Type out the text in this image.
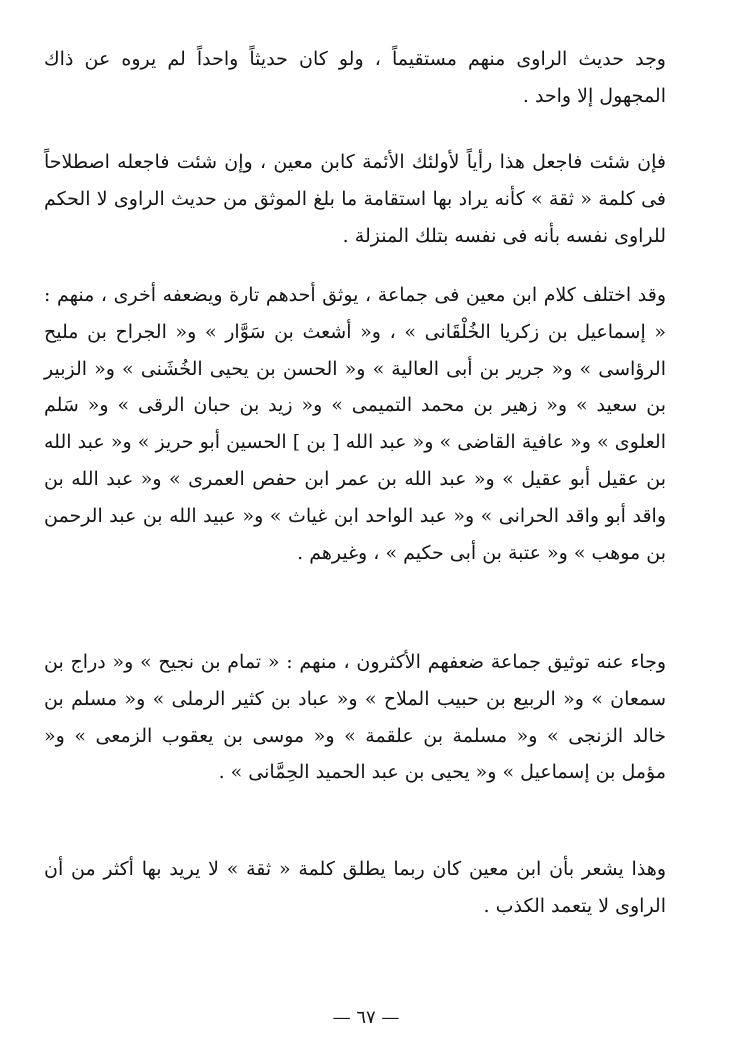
وجد حديث الراوى منهم مستقيماً ، ولو كان حديثاً واحداً لم يروه عن ذاك المجهول إلا واحد .

فإن شئت فاجعل هذا رأياً لأولئك الأئمة كابن معين ، وإن شئت فاجعله اصطلاحاً فى كلمة « ثقة » كأنه يراد بها استقامة ما بلغ الموثق من حديث الراوى لا الحكم للراوى نفسه بأنه فى نفسه بتلك المنزلة .

وقد اختلف كلام ابن معين فى جماعة ، يوثق أحدهم تارة ويضعفه أخرى ، منهم : « إسماعيل بن زكريا الخُلْقَانى » ، و« أشعث بن سَوَّار » و« الجراح بن مليح الرؤاسى » و« جرير بن أبى العالية » و« الحسن بن يحيى الخُشَنى » و« الزبير بن سعيد » و« زهير بن محمد التميمى » و« زيد بن حبان الرقى » و« سَلم العلوى » و« عافية القاضى » و« عبد الله [ بن ] الحسين أبو حريز » و« عبد الله بن عقيل أبو عقيل » و« عبد الله بن عمر ابن حفص العمرى » و« عبد الله بن واقد أبو واقد الحرانى » و« عبد الواحد ابن غياث » و« عبيد الله بن عبد الرحمن بن موهب » و« عتبة بن أبى حكيم » ، وغيرهم .

وجاء عنه توثيق جماعة ضعفهم الأكثرون ، منهم : « تمام بن نجيح » و« دراج بن سمعان » و« الربيع بن حبيب الملاح » و« عباد بن كثير الرملى » و« مسلم بن خالد الزنجى » و« مسلمة بن علقمة » و« موسى بن يعقوب الزمعى » و« مؤمل بن إسماعيل » و« يحيى بن عبد الحميد الحِمَّانى » .

وهذا يشعر بأن ابن معين كان ربما يطلق كلمة « ثقة » لا يريد بها أكثر من أن الراوى لا يتعمد الكذب .

— ٦٧ —
